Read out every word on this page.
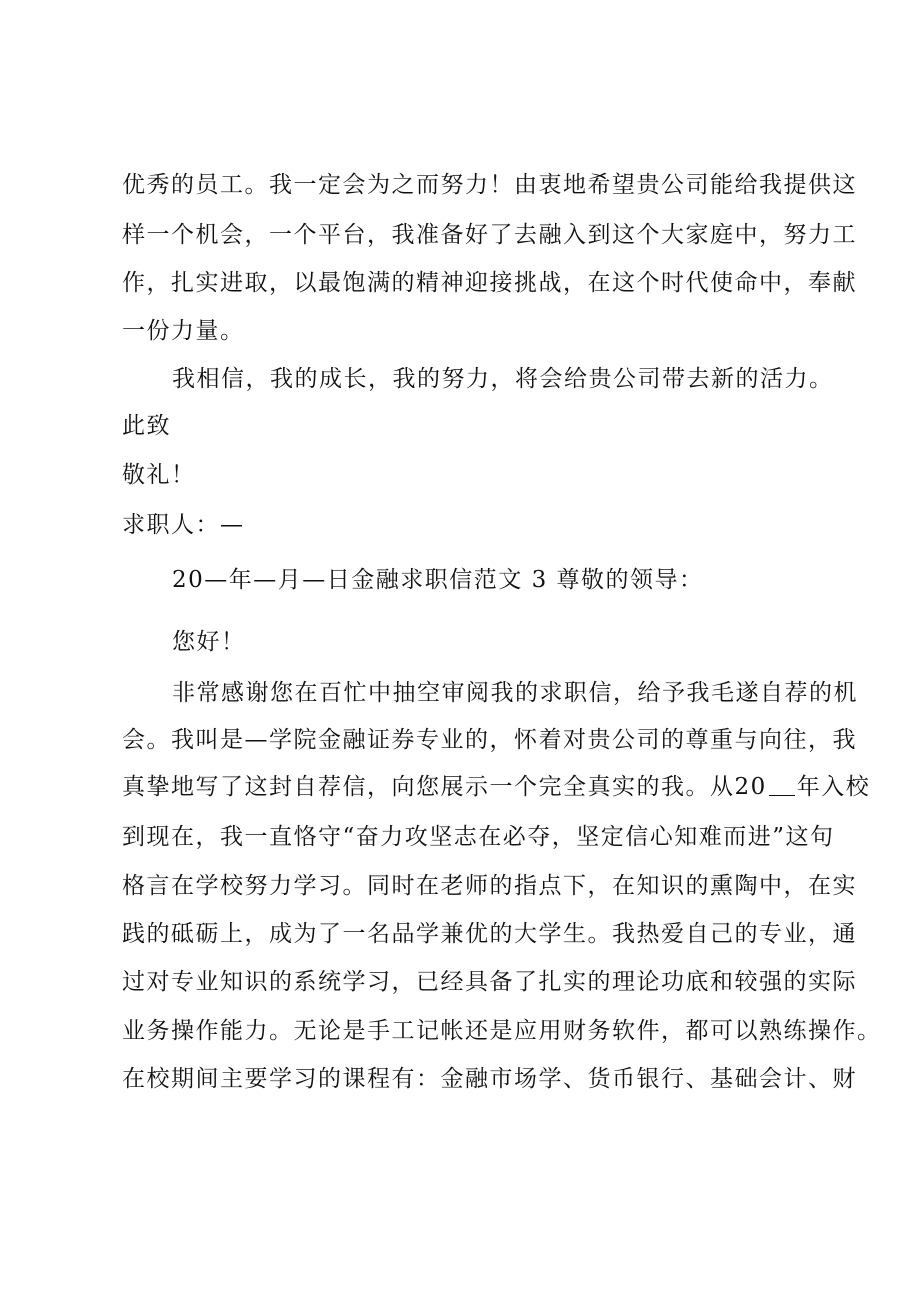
优秀的员工。我一定会为之而努力！由衷地希望贵公司能给我提供这
样一个机会，一个平台，我准备好了去融入到这个大家庭中，努力工
作，扎实进取，以最饱满的精神迎接挑战，在这个时代使命中，奉献
一份力量。
我相信，我的成长，我的努力，将会给贵公司带去新的活力。
此致
敬礼！
求职人：—
20—年—月—日金融求职信范文 3 尊敬的领导：
您好！
非常感谢您在百忙中抽空审阅我的求职信，给予我毛遂自荐的机
会。我叫是—学院金融证券专业的，怀着对贵公司的尊重与向往，我
真挚地写了这封自荐信，向您展示一个完全真实的我。从20 年入校
到现在，我一直恪守“奋力攻坚志在必夺，坚定信心知难而进”这句
格言在学校努力学习。同时在老师的指点下，在知识的熏陶中，在实
践的砥砺上，成为了一名品学兼优的大学生。我热爱自己的专业，通
过对专业知识的系统学习，已经具备了扎实的理论功底和较强的实际
业务操作能力。无论是手工记帐还是应用财务软件，都可以熟练操作。
在校期间主要学习的课程有：金融市场学、货币银行、基础会计、财
